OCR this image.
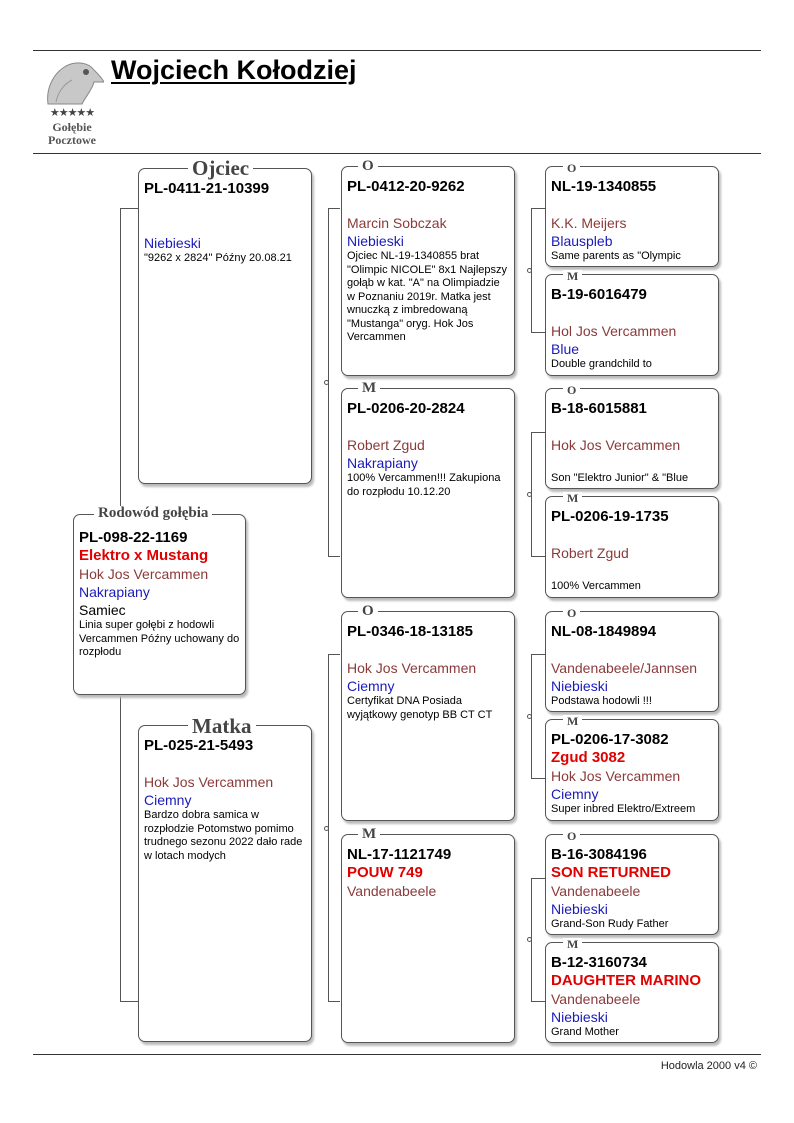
★★★★★
Gołębie
Pocztowe
Wojciech Kołodziej
PL-098-22-1169
Elektro x Mustang
Hok Jos Vercammen
Nakrapiany
Samiec
Linia super gołębi z hodowli Vercammen Późny uchowany do rozpłodu
Rodowód gołębia
PL-0411-21-10399
Niebieski
"9262 x 2824" Późny 20.08.21
Ojciec
PL-025-21-5493
Hok Jos Vercammen
Ciemny
Bardzo dobra samica w rozpłodzie Potomstwo pomimo trudnego sezonu 2022 dało rade w lotach modych
Matka
PL-0412-20-9262
Marcin Sobczak
Niebieski
Ojciec NL-19-1340855 brat "Olimpic NICOLE" 8x1 Najlepszy gołąb w kat. "A" na Olimpiadzie w Poznaniu 2019r. Matka jest wnuczką z imbredowaną "Mustanga" oryg. Hok Jos Vercammen
O
PL-0206-20-2824
Robert Zgud
Nakrapiany
100% Vercammen!!! Zakupiona do rozpłodu 10.12.20
M
PL-0346-18-13185
Hok Jos Vercammen
Ciemny
Certyfikat DNA Posiada wyjątkowy genotyp BB CT CT
O
NL-17-1121749
POUW 749
Vandenabeele
M
NL-19-1340855
K.K. Meijers
Blauspleb
Same parents as "Olympic
O
B-19-6016479
Hol Jos Vercammen
Blue
Double grandchild to
M
B-18-6015881
Hok Jos Vercammen
Son "Elektro Junior" & "Blue
O
PL-0206-19-1735
Robert Zgud
100% Vercammen
M
NL-08-1849894
Vandenabeele/Jannsen
Niebieski
Podstawa hodowli !!!
O
PL-0206-17-3082
Zgud 3082
Hok Jos Vercammen
Ciemny
Super inbred Elektro/Extreem
M
B-16-3084196
SON RETURNED
Vandenabeele
Niebieski
Grand-Son Rudy Father
O
B-12-3160734
DAUGHTER MARINO
Vandenabeele
Niebieski
Grand Mother
M
Hodowla 2000 v4 ©
